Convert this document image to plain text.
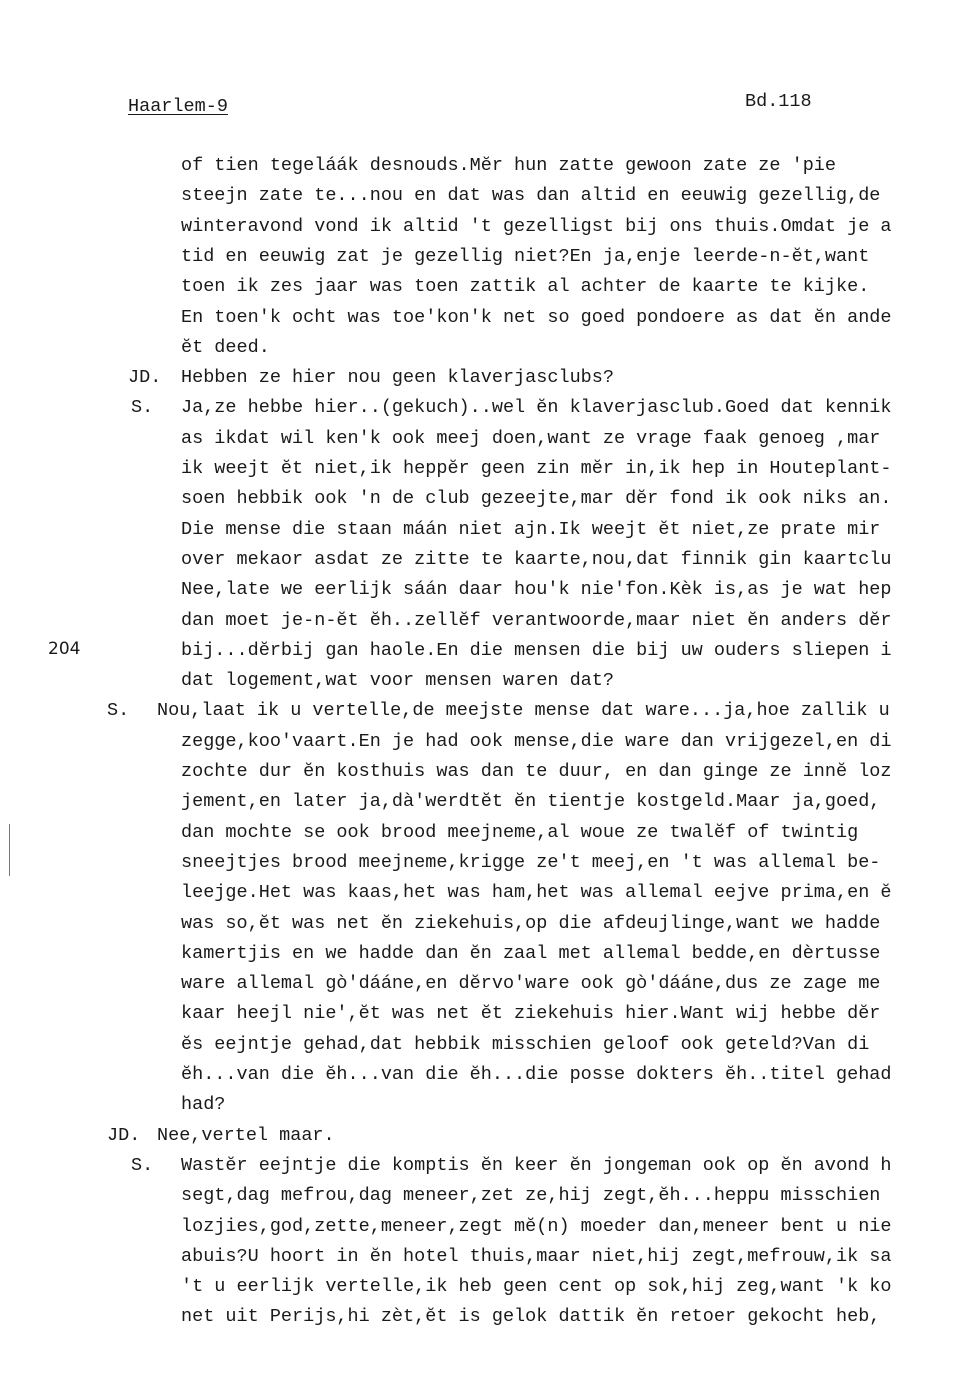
Haarlem-9	Bd.118
204
of tien tegeláák desnouds.Mĕr hun zatte gewoon zate ze 'pie
steejn zate te...nou en dat was dan altid en eeuwig gezellig,de
winteravond vond ik altid 't gezelligst bij ons thuis.Omdat je a
tid en eeuwig zat je gezellig niet?En ja,enje leerde-n-ĕt,want
toen ik zes jaar was toen zattik al achter de kaarte te kijke.
En toen'k ocht was toe'kon'k net so goed pondoere as dat ĕn ande
ĕt deed.
JD. Hebben ze hier nou geen klaverjasclubs?
S. Ja,ze hebbe hier..(gekuch)..wel ĕn klaverjasclub.Goed dat kennik
as ikdat wil ken'k ook meej doen,want ze vrage faak genoeg ,mar
ik weejt ĕt niet,ik heppĕr geen zin mĕr in,ik hep in Houteplant-
soen hebbik ook 'n de club gezeejte,mar dĕr fond ik ook niks an.
Die mense die staan máán niet ajn.Ik weejt ĕt niet,ze prate mir
over mekaor asdat ze zitte te kaarte,nou,dat finnik gin kaartclu
Nee,late we eerlijk sáán daar hou'k nie'fon.Kèk is,as je wat hep
dan moet je-n-ĕt ĕh..zellĕf verantwoorde,maar niet ĕn anders dĕr
bij...dĕrbij gan haole.En die mensen die bij uw ouders sliepen i
dat logement,wat voor mensen waren dat?
S. Nou,laat ik u vertelle,de meejste mense dat ware...ja,hoe zallik u
zegge,koo'vaart.En je had ook mense,die ware dan vrijgezel,en di
zochte dur ĕn kosthuis was dan te duur, en dan ginge ze innĕ loz
jement,en later ja,dà'werdtĕt ĕn tientje kostgeld.Maar ja,goed,
dan mochte se ook brood meejneme,al woue ze twalĕf of twintig
sneejtjes brood meejneme,krigge ze't meej,en 't was allemal be-
leejge.Het was kaas,het was ham,het was allemal eejve prima,en ĕ
was so,ĕt was net ĕn ziekehuis,op die afdeujlinge,want we hadde
kamertjis en we hadde dan ĕn zaal met allemal bedde,en dèrtusse
ware allemal gò'dááne,en dĕrvo'ware ook gò'dááne,dus ze zage me
kaar heejl nie',ĕt was net ĕt ziekehuis hier.Want wij hebbe dĕr
ĕs eejntje gehad,dat hebbik misschien geloof ook geteld?Van di
ĕh...van die ĕh...van die ĕh...die posse dokters ĕh..titel gehad
had?
JD. Nee,vertel maar.
S. Wastĕr eejntje die komptis ĕn keer ĕn jongeman ook op ĕn avond h
segt,dag mefrou,dag meneer,zet ze,hij zegt,ĕh...heppu misschien
lozjies,god,zette,meneer,zegt mĕ(n) moeder dan,meneer bent u nie
abuis?U hoort in ĕn hotel thuis,maar niet,hij zegt,mefrouw,ik sa
't u eerlijk vertelle,ik heb geen cent op sok,hij zeg,want 'k ko
net uit Perijs,hi zèt,ĕt is gelok dattik ĕn retoer gekocht heb,
